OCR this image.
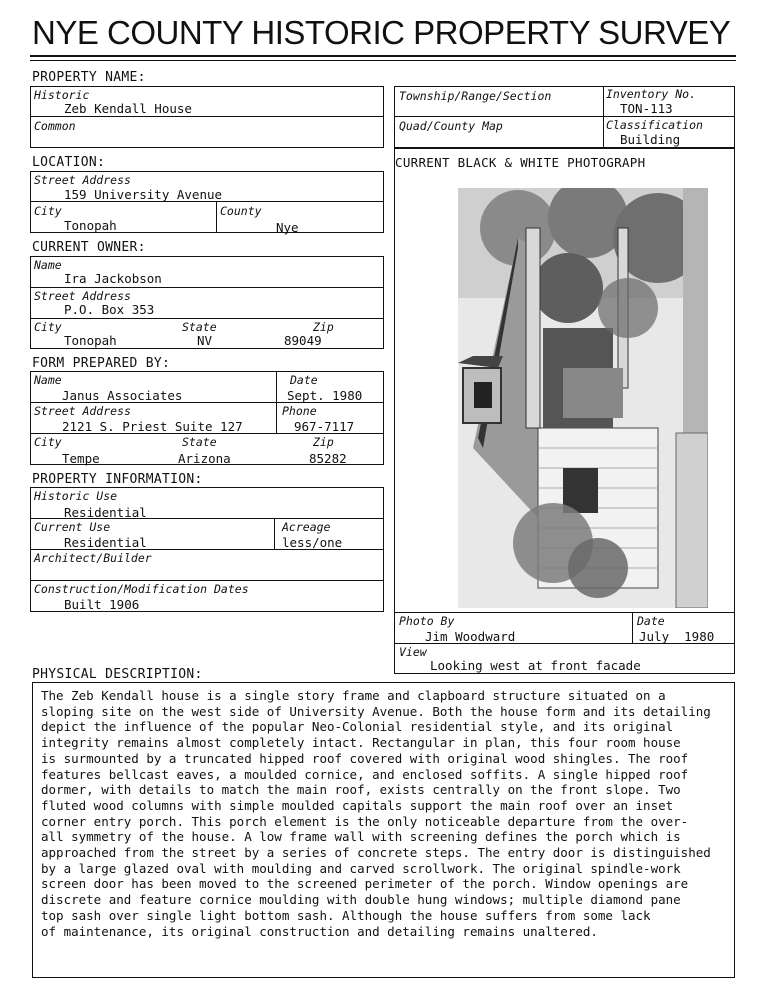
NYE COUNTY HISTORIC PROPERTY SURVEY
PROPERTY NAME:
Historic
Zeb Kendall House
Common
LOCATION:
Street Address
159 University Avenue
City
Tonopah
County
Nye
CURRENT OWNER:
Name
Ira Jackobson
Street Address
P.O. Box 353
City
Tonopah
State
NV
Zip
89049
FORM PREPARED BY:
Name
Janus Associates
Date
Sept. 1980
Street Address
2121 S. Priest Suite 127
Phone
967-7117
City
Tempe
State
Arizona
Zip
85282
PROPERTY INFORMATION:
Historic Use
Residential
Current Use
Residential
Acreage
less/one
Architect/Builder
Construction/Modification Dates
Built 1906
Township/Range/Section	Inventory No.
TON-113
Quad/County Map	Classification
Building
CURRENT BLACK & WHITE PHOTOGRAPH
Photo By
Jim Woodward
Date
July  1980
View
Looking west at front facade
PHYSICAL DESCRIPTION:
The Zeb Kendall house is a single story frame and clapboard structure situated on a
sloping site on the west side of University Avenue. Both the house form and its detailing
depict the influence of the popular Neo-Colonial residential style, and its original
integrity remains almost completely intact. Rectangular in plan, this four room house
is surmounted by a truncated hipped roof covered with original wood shingles. The roof
features bellcast eaves, a moulded cornice, and enclosed soffits. A single hipped roof
dormer, with details to match the main roof, exists centrally on the front slope. Two
fluted wood columns with simple moulded capitals support the main roof over an inset
corner entry porch. This porch element is the only noticeable departure from the over-
all symmetry of the house. A low frame wall with screening defines the porch which is
approached from the street by a series of concrete steps. The entry door is distinguished
by a large glazed oval with moulding and carved scrollwork. The original spindle-work
screen door has been moved to the screened perimeter of the porch. Window openings are
discrete and feature cornice moulding with double hung windows; multiple diamond pane
top sash over single light bottom sash. Although the house suffers from some lack
of maintenance, its original construction and detailing remains unaltered.
